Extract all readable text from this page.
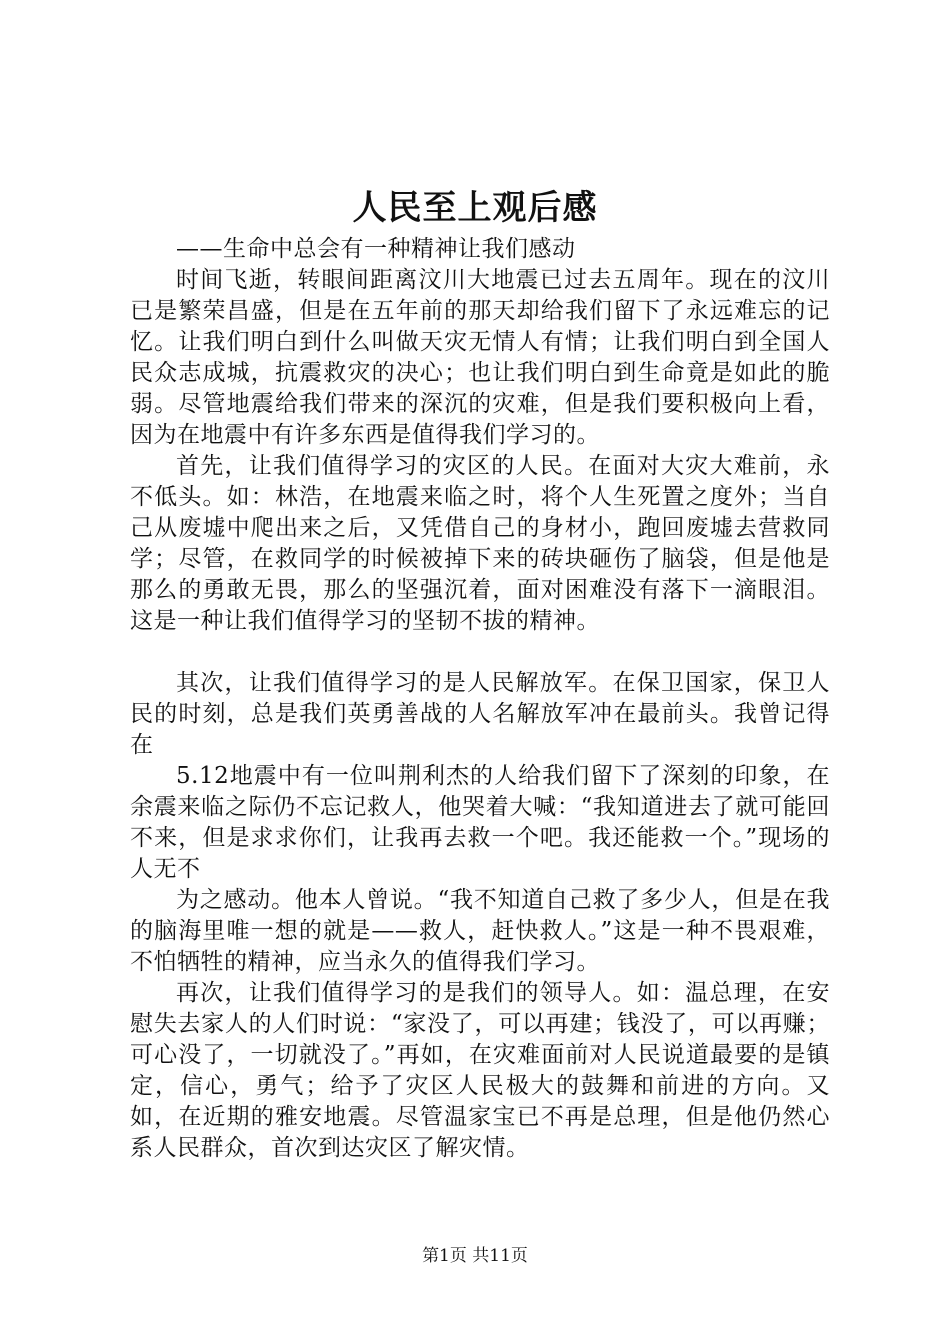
人民至上观后感

——生命中总会有一种精神让我们感动

时间飞逝，转眼间距离汶川大地震已过去五周年。现在的汶川已是繁荣昌盛，但是在五年前的那天却给我们留下了永远难忘的记忆。让我们明白到什么叫做天灾无情人有情；让我们明白到全国人民众志成城，抗震救灾的决心；也让我们明白到生命竟是如此的脆弱。尽管地震给我们带来的深沉的灾难，但是我们要积极向上看，因为在地震中有许多东西是值得我们学习的。

首先，让我们值得学习的灾区的人民。在面对大灾大难前，永不低头。如：林浩，在地震来临之时，将个人生死置之度外；当自己从废墟中爬出来之后，又凭借自己的身材小，跑回废墟去营救同学；尽管，在救同学的时候被掉下来的砖块砸伤了脑袋，但是他是那么的勇敢无畏，那么的坚强沉着，面对困难没有落下一滴眼泪。这是一种让我们值得学习的坚韧不拔的精神。

其次，让我们值得学习的是人民解放军。在保卫国家，保卫人民的时刻，总是我们英勇善战的人名解放军冲在最前头。我曾记得在

5.12地震中有一位叫荆利杰的人给我们留下了深刻的印象，在余震来临之际仍不忘记救人，他哭着大喊：“我知道进去了就可能回不来，但是求求你们，让我再去救一个吧。我还能救一个。”现场的人无不

为之感动。他本人曾说。“我不知道自己救了多少人，但是在我的脑海里唯一想的就是——救人，赶快救人。”这是一种不畏艰难，不怕牺牲的精神，应当永久的值得我们学习。

再次，让我们值得学习的是我们的领导人。如：温总理，在安慰失去家人的人们时说：“家没了，可以再建；钱没了，可以再赚；可心没了，一切就没了。”再如，在灾难面前对人民说道最要的是镇定，信心，勇气；给予了灾区人民极大的鼓舞和前进的方向。又如，在近期的雅安地震。尽管温家宝已不再是总理，但是他仍然心系人民群众，首次到达灾区了解灾情。

第1页 共11页
